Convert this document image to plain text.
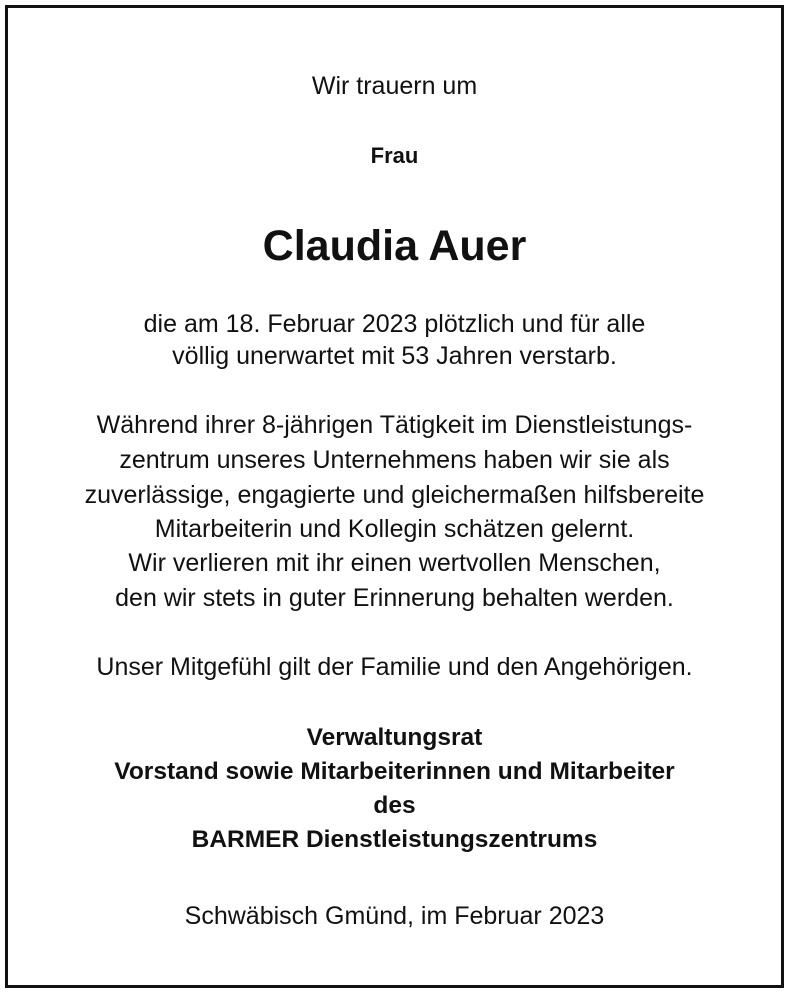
Wir trauern um
Frau
Claudia Auer
die am 18. Februar 2023 plötzlich und für alle
völlig unerwartet mit 53 Jahren verstarb.
Während ihrer 8-jährigen Tätigkeit im Dienstleistungs-
zentrum unseres Unternehmens haben wir sie als
zuverlässige, engagierte und gleichermaßen hilfsbereite
Mitarbeiterin und Kollegin schätzen gelernt.
Wir verlieren mit ihr einen wertvollen Menschen,
den wir stets in guter Erinnerung behalten werden.
Unser Mitgefühl gilt der Familie und den Angehörigen.
Verwaltungsrat
Vorstand sowie Mitarbeiterinnen und Mitarbeiter
des
BARMER Dienstleistungszentrums
Schwäbisch Gmünd, im Februar 2023
